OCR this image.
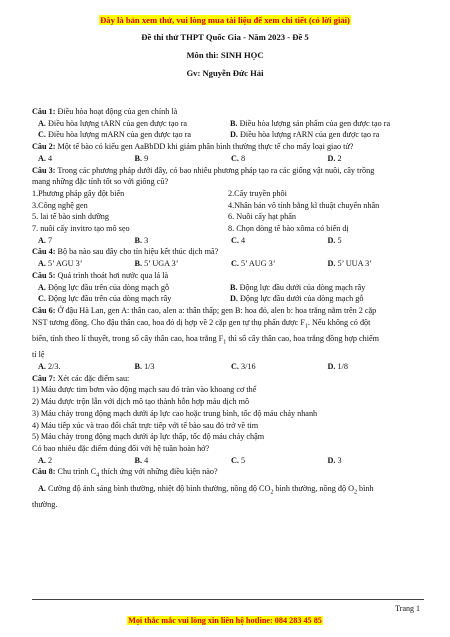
Đây là bản xem thử, vui lòng mua tài liệu để xem chi tiết (có lời giải)
Đề thi thử THPT Quốc Gia - Năm 2023 - Đề 5
Môn thi: SINH HỌC
Gv: Nguyễn Đức Hải

Câu 1: Điều hòa hoạt động của gen chính là

A. Điều hòa lượng tARN của gen được tạo ra	B. Điều hòa lượng sản phẩm của gen được tạo ra
C. Điều hòa lượng mARN của gen được tạo ra	D. Điều hòa lượng rARN của gen được tạo ra

Câu 2: Một tế bào có kiểu gen AaBbDD khi giảm phân bình thường thực tế cho mấy loại giao tử?

A. 4	B. 9	C. 8	D. 2

Câu 3: Trong các phương pháp dưới đây, có bao nhiêu phương pháp tạo ra các giống vật nuôi, cây trồng

mang những đặc tính tốt so với giống cũ?

1.Phương pháp gây đột biến	2.Cấy truyền phôi
3.Công nghệ gen	4.Nhân bản vô tính bằng kĩ thuật chuyển nhân
5. lai tế bào sinh dưỡng	6. Nuôi cấy hạt phấn
7. nuôi cấy invitro tạo mô sẹo	8. Chọn dòng tế bào xôma có biến dị
A. 7	B. 3	C. 4	D. 5

Câu 4: Bộ ba nào sau đây cho tín hiệu kết thúc dịch mã?

A. 5’ AGU 3’	B. 5’ UGA 3’	C. 5’ AUG 3’	D. 5’ UUA 3’

Câu 5: Quá trình thoát hơi nước qua lá là

A. Động lực đầu trên của dòng mạch gỗ	B. Động lực đầu dưới của dòng mạch rây
C. Động lực đầu trên của dòng mạch rây	D. Động lực đầu dưới của dòng mạch gỗ

Câu 6: Ở đậu Hà Lan, gen A: thân cao, alen a: thân thấp; gen B: hoa đỏ, alen b: hoa trắng nằm trên 2 cặp

NST tương đồng. Cho đậu thân cao, hoa đỏ dị hợp về 2 cặp gen tự thụ phấn được $F_1$. Nếu không có đột

biến, tính theo lí thuyết, trong số cây thân cao, hoa trắng $F_1$ thì số cây thân cao, hoa trắng đồng hợp chiếm

tỉ lệ

A. 2/3.	B. 1/3	C. 3/16	D. 1/8

Câu 7: Xét các đặc điểm sau:

1) Máu được tim bơm vào động mạch sau đó tràn vào khoang cơ thể

2) Máu được trộn lẫn với dịch mô tạo thành hỗn hợp máu dịch mô

3) Máu chảy trong động mạch dưới áp lực cao hoặc trung bình, tốc độ máu chảy nhanh

4) Máu tiếp xúc và trao đổi chất trực tiếp với tế bào sau đó trở về tim

5) Máu chảy trong động mạch dưới áp lực thấp, tốc độ máu chảy chậm

Có bao nhiêu đặc điểm đúng đối với hệ tuần hoàn hở?

A. 2	B. 4	C. 5	D. 3

Câu 8: Chu trình $C_4$ thích ứng với những điều kiện nào?

A. Cường độ ánh sáng bình thường, nhiệt độ bình thường, nồng độ $CO_2$ bình thường, nồng độ $O_2$ bình

thường.

Trang 1
Mọi thắc mắc vui lòng xin liên hệ hotline: 084 283 45 85
